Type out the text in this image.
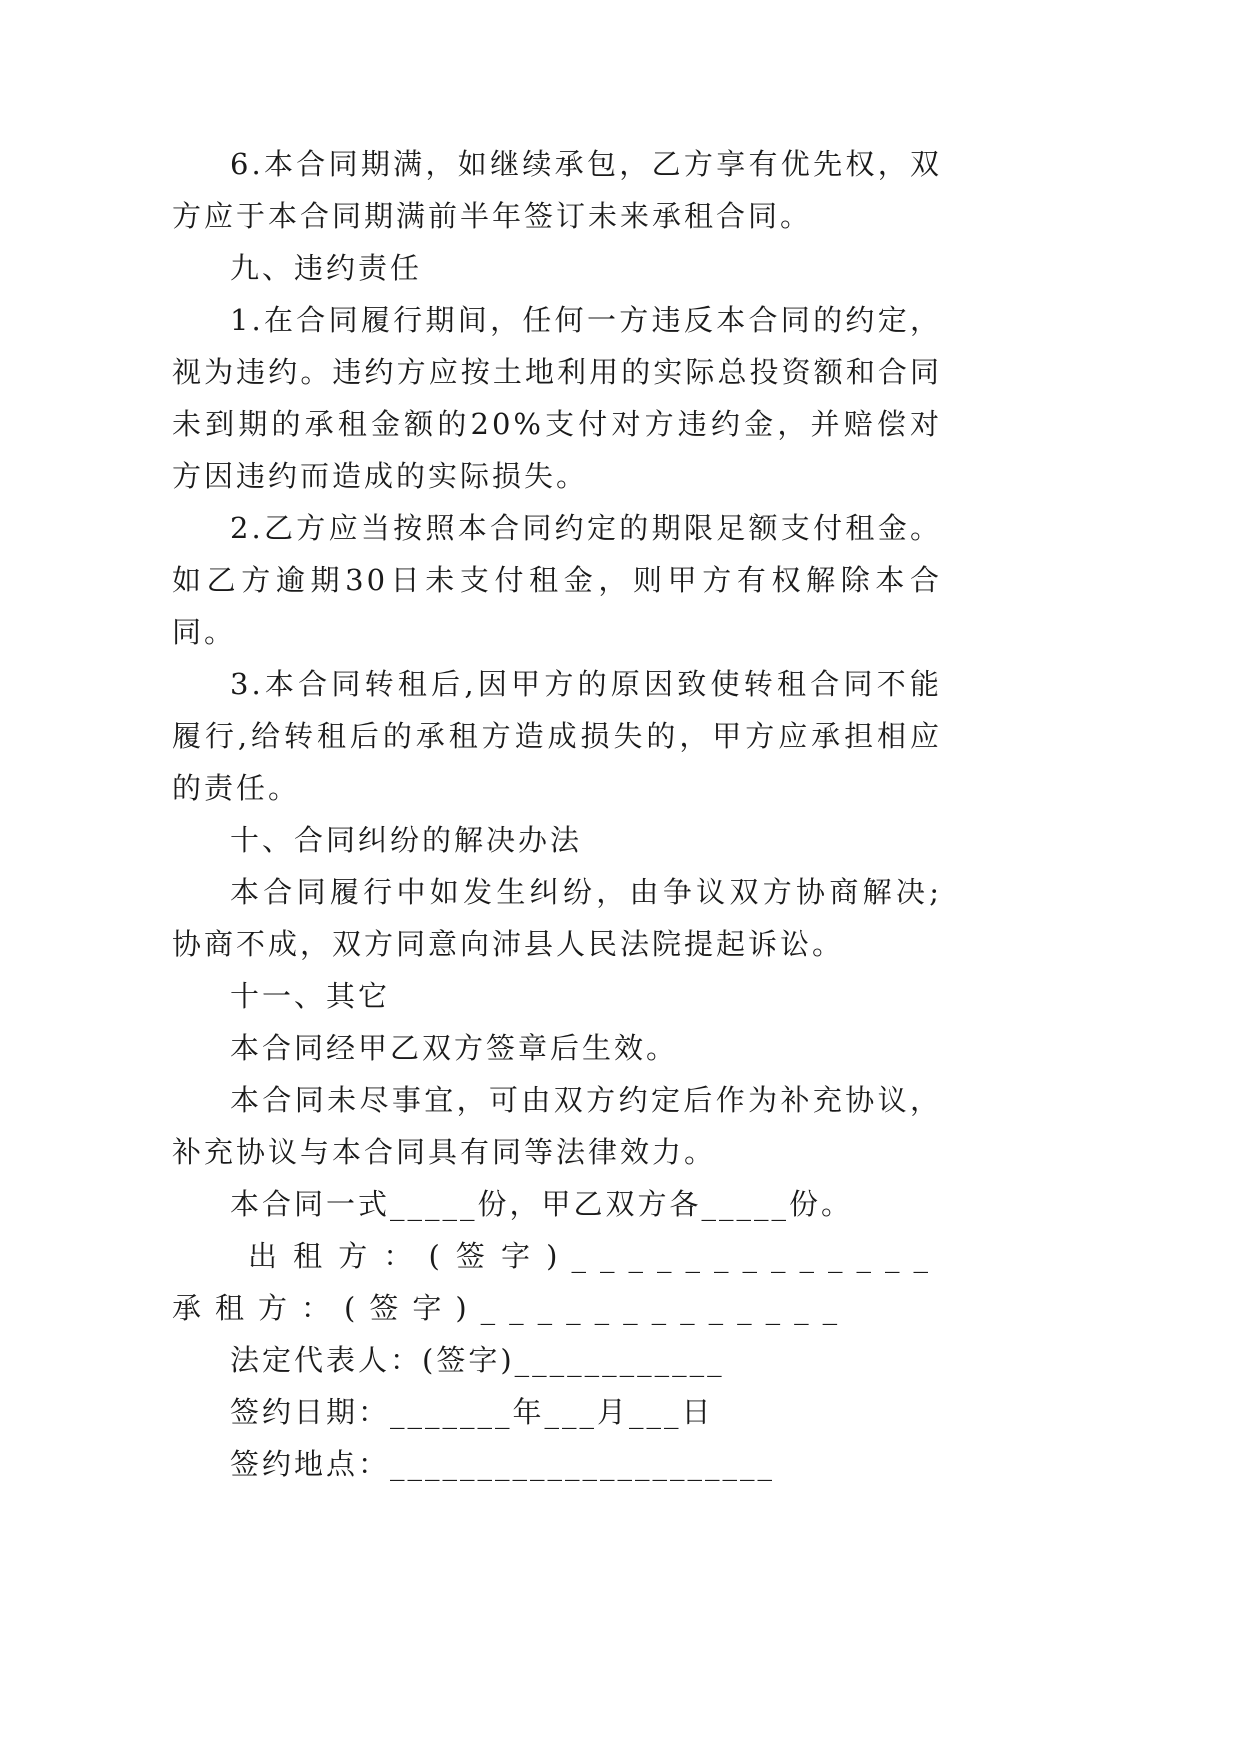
6.本合同期满，如继续承包，乙方享有优先权，双方应于本合同期满前半年签订未来承租合同。

九、违约责任

1.在合同履行期间，任何一方违反本合同的约定，视为违约。违约方应按土地利用的实际总投资额和合同未到期的承租金额的20%支付对方违约金，并赔偿对方因违约而造成的实际损失。

2.乙方应当按照本合同约定的期限足额支付租金。如乙方逾期30日未支付租金，则甲方有权解除本合同。

3.本合同转租后,因甲方的原因致使转租合同不能履行,给转租后的承租方造成损失的，甲方应承担相应的责任。

十、合同纠纷的解决办法

本合同履行中如发生纠纷，由争议双方协商解决;协商不成，双方同意向沛县人民法院提起诉讼。

十一、其它

本合同经甲乙双方签章后生效。

本合同未尽事宜，可由双方约定后作为补充协议，补充协议与本合同具有同等法律效力。

本合同一式_____份，甲乙双方各_____份。

出租方：(签字)_____________承租方：(签字)_____________

法定代表人：(签字)____________

签约日期：_______年___月___日

签约地点：______________________
